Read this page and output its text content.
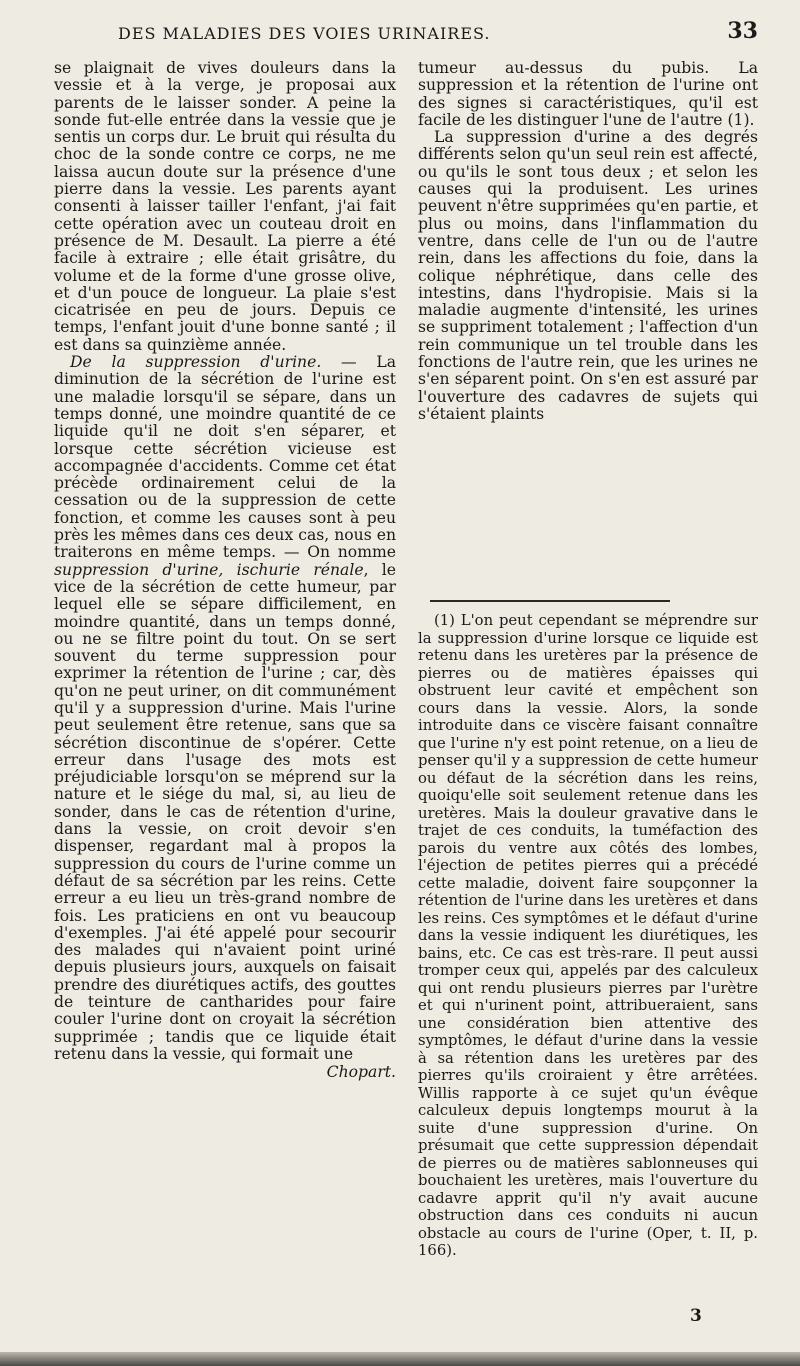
DES MALADIES DES VOIES URINAIRES.	33

se plaignait de vives douleurs dans la vessie et à la verge, je proposai aux parents de le laisser sonder. A peine la sonde fut-elle entrée dans la vessie que je sentis un corps dur. Le bruit qui résulta du choc de la sonde contre ce corps, ne me laissa aucun doute sur la présence d'une pierre dans la vessie. Les parents ayant consenti à laisser tailler l'enfant, j'ai fait cette opération avec un couteau droit en présence de M. Desault. La pierre a été facile à extraire ; elle était grisâtre, du volume et de la forme d'une grosse olive, et d'un pouce de longueur. La plaie s'est cicatrisée en peu de jours. Depuis ce temps, l'enfant jouit d'une bonne santé ; il est dans sa quinzième année.

De la suppression d'urine. — La diminution de la sécrétion de l'urine est une maladie lorsqu'il se sépare, dans un temps donné, une moindre quantité de ce liquide qu'il ne doit s'en séparer, et lorsque cette sécrétion vicieuse est accompagnée d'accidents. Comme cet état précède ordinairement celui de la cessation ou de la suppression de cette fonction, et comme les causes sont à peu près les mêmes dans ces deux cas, nous en traiterons en même temps. — On nomme suppression d'urine, ischurie rénale, le vice de la sécrétion de cette humeur, par lequel elle se sépare difficilement, en moindre quantité, dans un temps donné, ou ne se filtre point du tout. On se sert souvent du terme suppression pour exprimer la rétention de l'urine ; car, dès qu'on ne peut uriner, on dit communément qu'il y a suppression d'urine. Mais l'urine peut seulement être retenue, sans que sa sécrétion discontinue de s'opérer. Cette erreur dans l'usage des mots est préjudiciable lorsqu'on se méprend sur la nature et le siége du mal, si, au lieu de sonder, dans le cas de rétention d'urine, dans la vessie, on croit devoir s'en dispenser, regardant mal à propos la suppression du cours de l'urine comme un défaut de sa sécrétion par les reins. Cette erreur a eu lieu un très-grand nombre de fois. Les praticiens en ont vu beaucoup d'exemples. J'ai été appelé pour secourir des malades qui n'avaient point uriné depuis plusieurs jours, auxquels on faisait prendre des diurétiques actifs, des gouttes de teinture de cantharides pour faire couler l'urine dont on croyait la sécrétion supprimée ; tandis que ce liquide était retenu dans la vessie, qui formait une

Chopart.

tumeur au-dessus du pubis. La suppression et la rétention de l'urine ont des signes si caractéristiques, qu'il est facile de les distinguer l'une de l'autre (1).

La suppression d'urine a des degrés différents selon qu'un seul rein est affecté, ou qu'ils le sont tous deux ; et selon les causes qui la produisent. Les urines peuvent n'être supprimées qu'en partie, et plus ou moins, dans l'inflammation du ventre, dans celle de l'un ou de l'autre rein, dans les affections du foie, dans la colique néphrétique, dans celle des intestins, dans l'hydropisie. Mais si la maladie augmente d'intensité, les urines se suppriment totalement ; l'affection d'un rein communique un tel trouble dans les fonctions de l'autre rein, que les urines ne s'en séparent point. On s'en est assuré par l'ouverture des cadavres de sujets qui s'étaient plaints

(1) L'on peut cependant se méprendre sur la suppression d'urine lorsque ce liquide est retenu dans les uretères par la présence de pierres ou de matières épaisses qui obstruent leur cavité et empêchent son cours dans la vessie. Alors, la sonde introduite dans ce viscère faisant connaître que l'urine n'y est point retenue, on a lieu de penser qu'il y a suppression de cette humeur ou défaut de la sécrétion dans les reins, quoiqu'elle soit seulement retenue dans les uretères. Mais la douleur gravative dans le trajet de ces conduits, la tuméfaction des parois du ventre aux côtés des lombes, l'éjection de petites pierres qui a précédé cette maladie, doivent faire soupçonner la rétention de l'urine dans les uretères et dans les reins. Ces symptômes et le défaut d'urine dans la vessie indiquent les diurétiques, les bains, etc. Ce cas est très-rare. Il peut aussi tromper ceux qui, appelés par des calculeux qui ont rendu plusieurs pierres par l'urètre et qui n'urinent point, attribueraient, sans une considération bien attentive des symptômes, le défaut d'urine dans la vessie à sa rétention dans les uretères par des pierres qu'ils croiraient y être arrêtées. Willis rapporte à ce sujet qu'un évêque calculeux depuis longtemps mourut à la suite d'une suppression d'urine. On présumait que cette suppression dépendait de pierres ou de matières sablonneuses qui bouchaient les uretères, mais l'ouverture du cadavre apprit qu'il n'y avait aucune obstruction dans ces conduits ni aucun obstacle au cours de l'urine (Oper, t. II, p. 166).

3
